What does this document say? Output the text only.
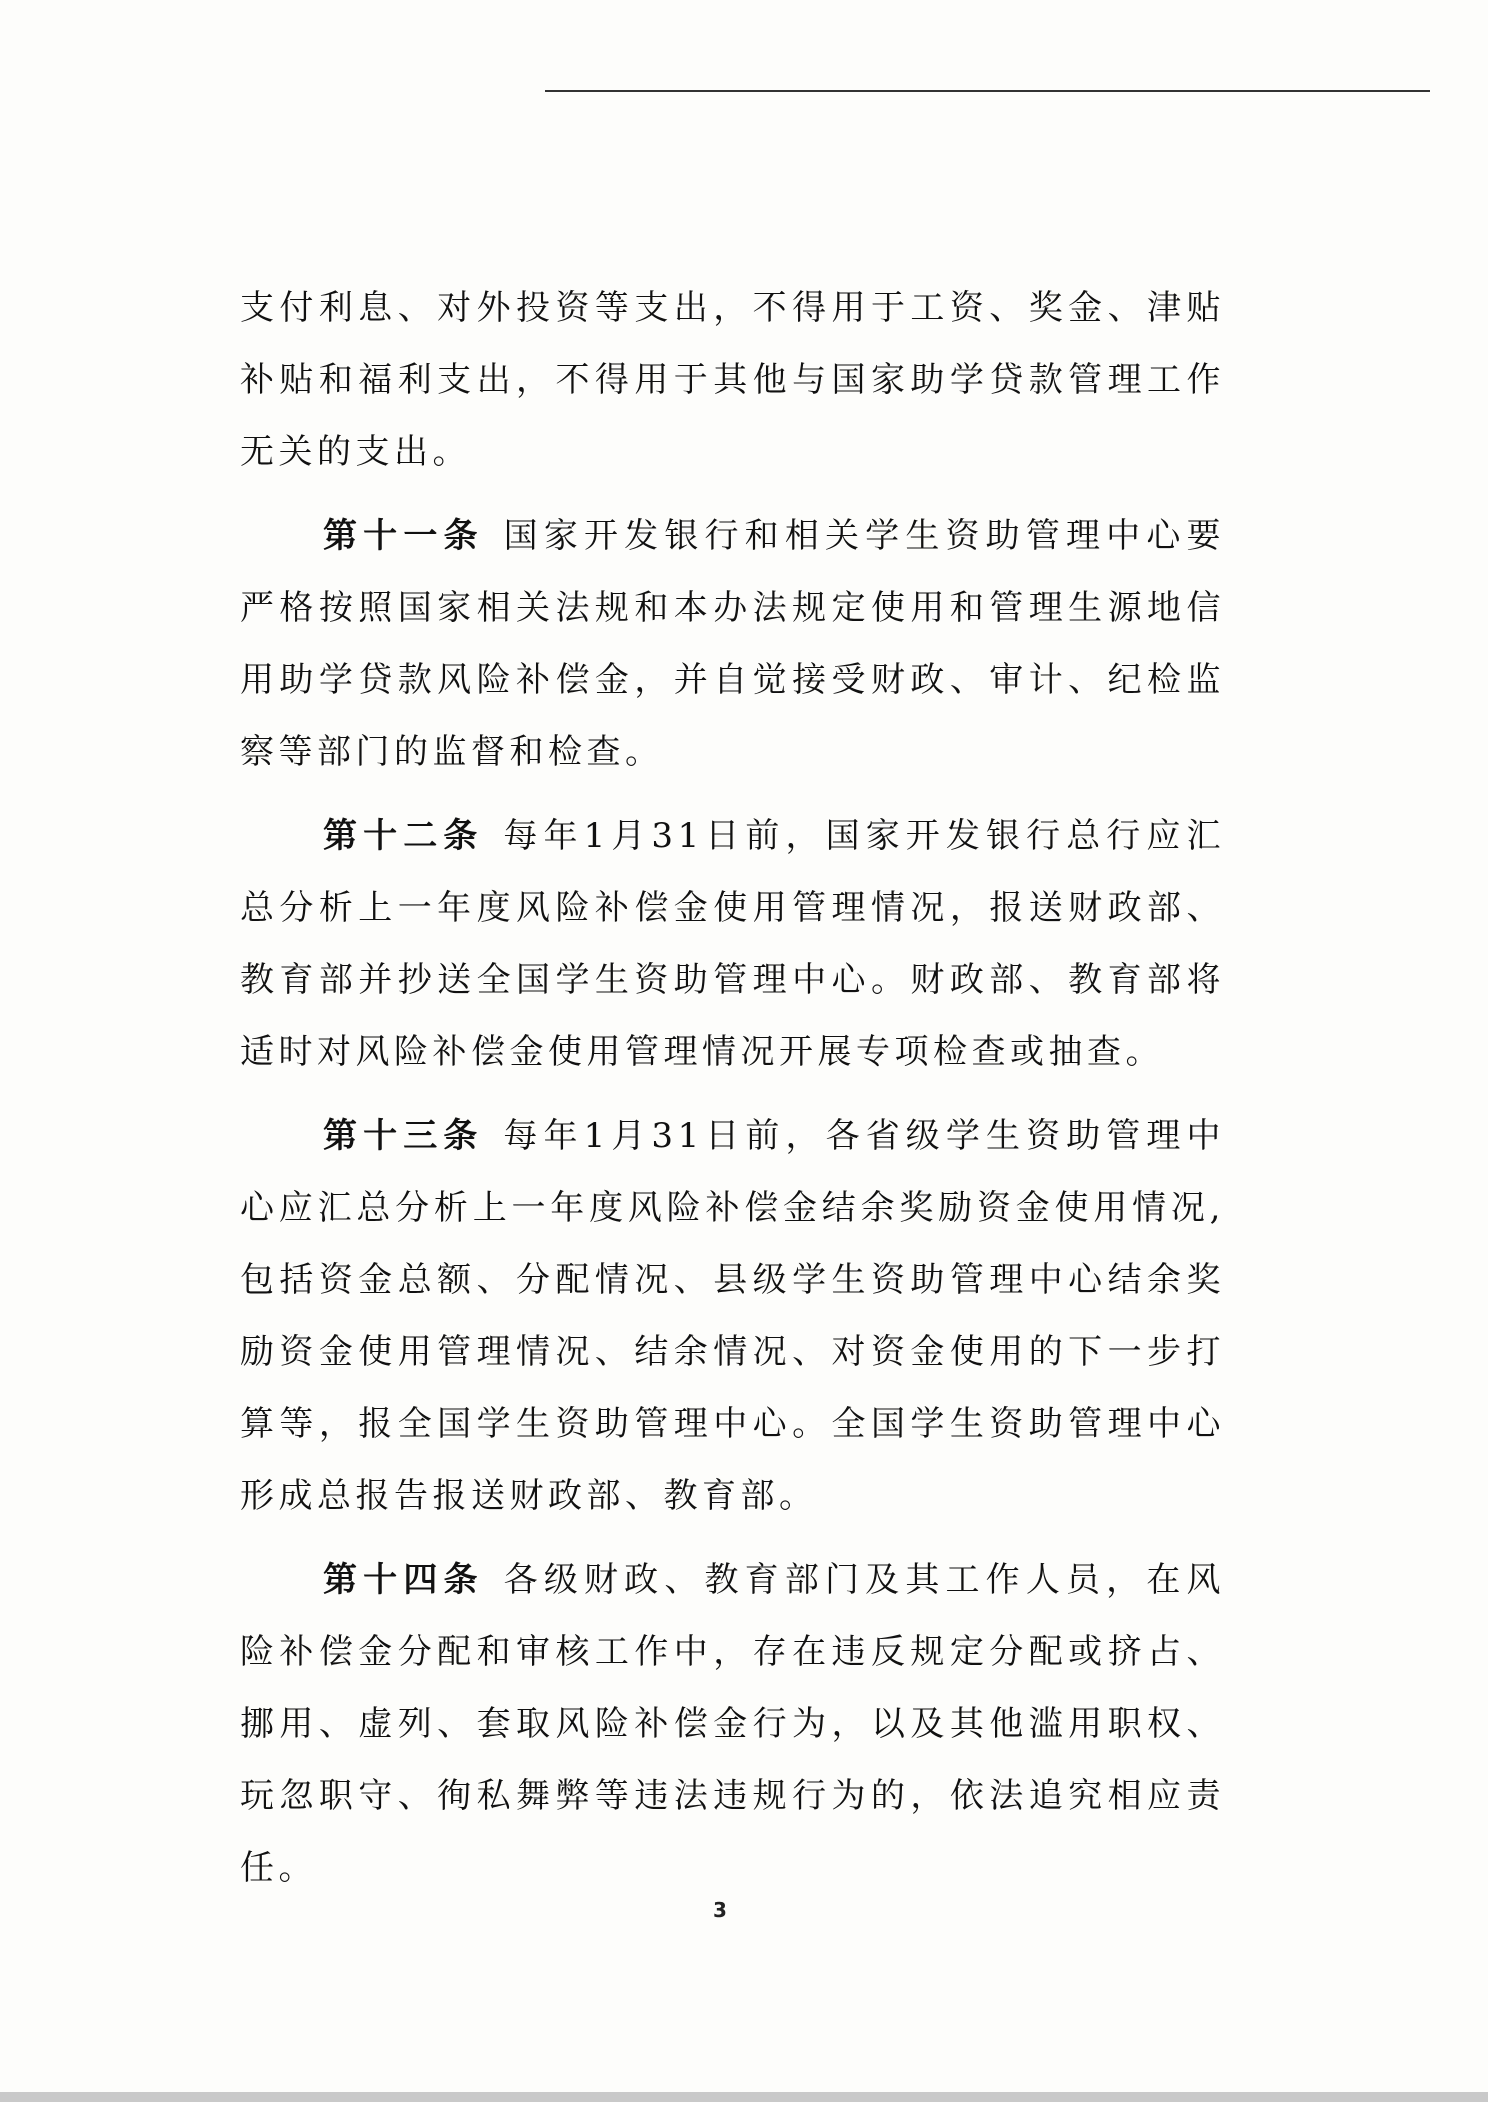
支付利息、对外投资等支出，不得用于工资、奖金、津贴补贴和福利支出，不得用于其他与国家助学贷款管理工作无关的支出。

第十一条 国家开发银行和相关学生资助管理中心要严格按照国家相关法规和本办法规定使用和管理生源地信用助学贷款风险补偿金，并自觉接受财政、审计、纪检监察等部门的监督和检查。

第十二条 每年1月31日前，国家开发银行总行应汇总分析上一年度风险补偿金使用管理情况，报送财政部、教育部并抄送全国学生资助管理中心。财政部、教育部将适时对风险补偿金使用管理情况开展专项检查或抽查。

第十三条 每年1月31日前，各省级学生资助管理中心应汇总分析上一年度风险补偿金结余奖励资金使用情况,包括资金总额、分配情况、县级学生资助管理中心结余奖励资金使用管理情况、结余情况、对资金使用的下一步打算等，报全国学生资助管理中心。全国学生资助管理中心形成总报告报送财政部、教育部。

第十四条 各级财政、教育部门及其工作人员，在风险补偿金分配和审核工作中，存在违反规定分配或挤占、挪用、虚列、套取风险补偿金行为，以及其他滥用职权、玩忽职守、徇私舞弊等违法违规行为的，依法追究相应责任。

3
